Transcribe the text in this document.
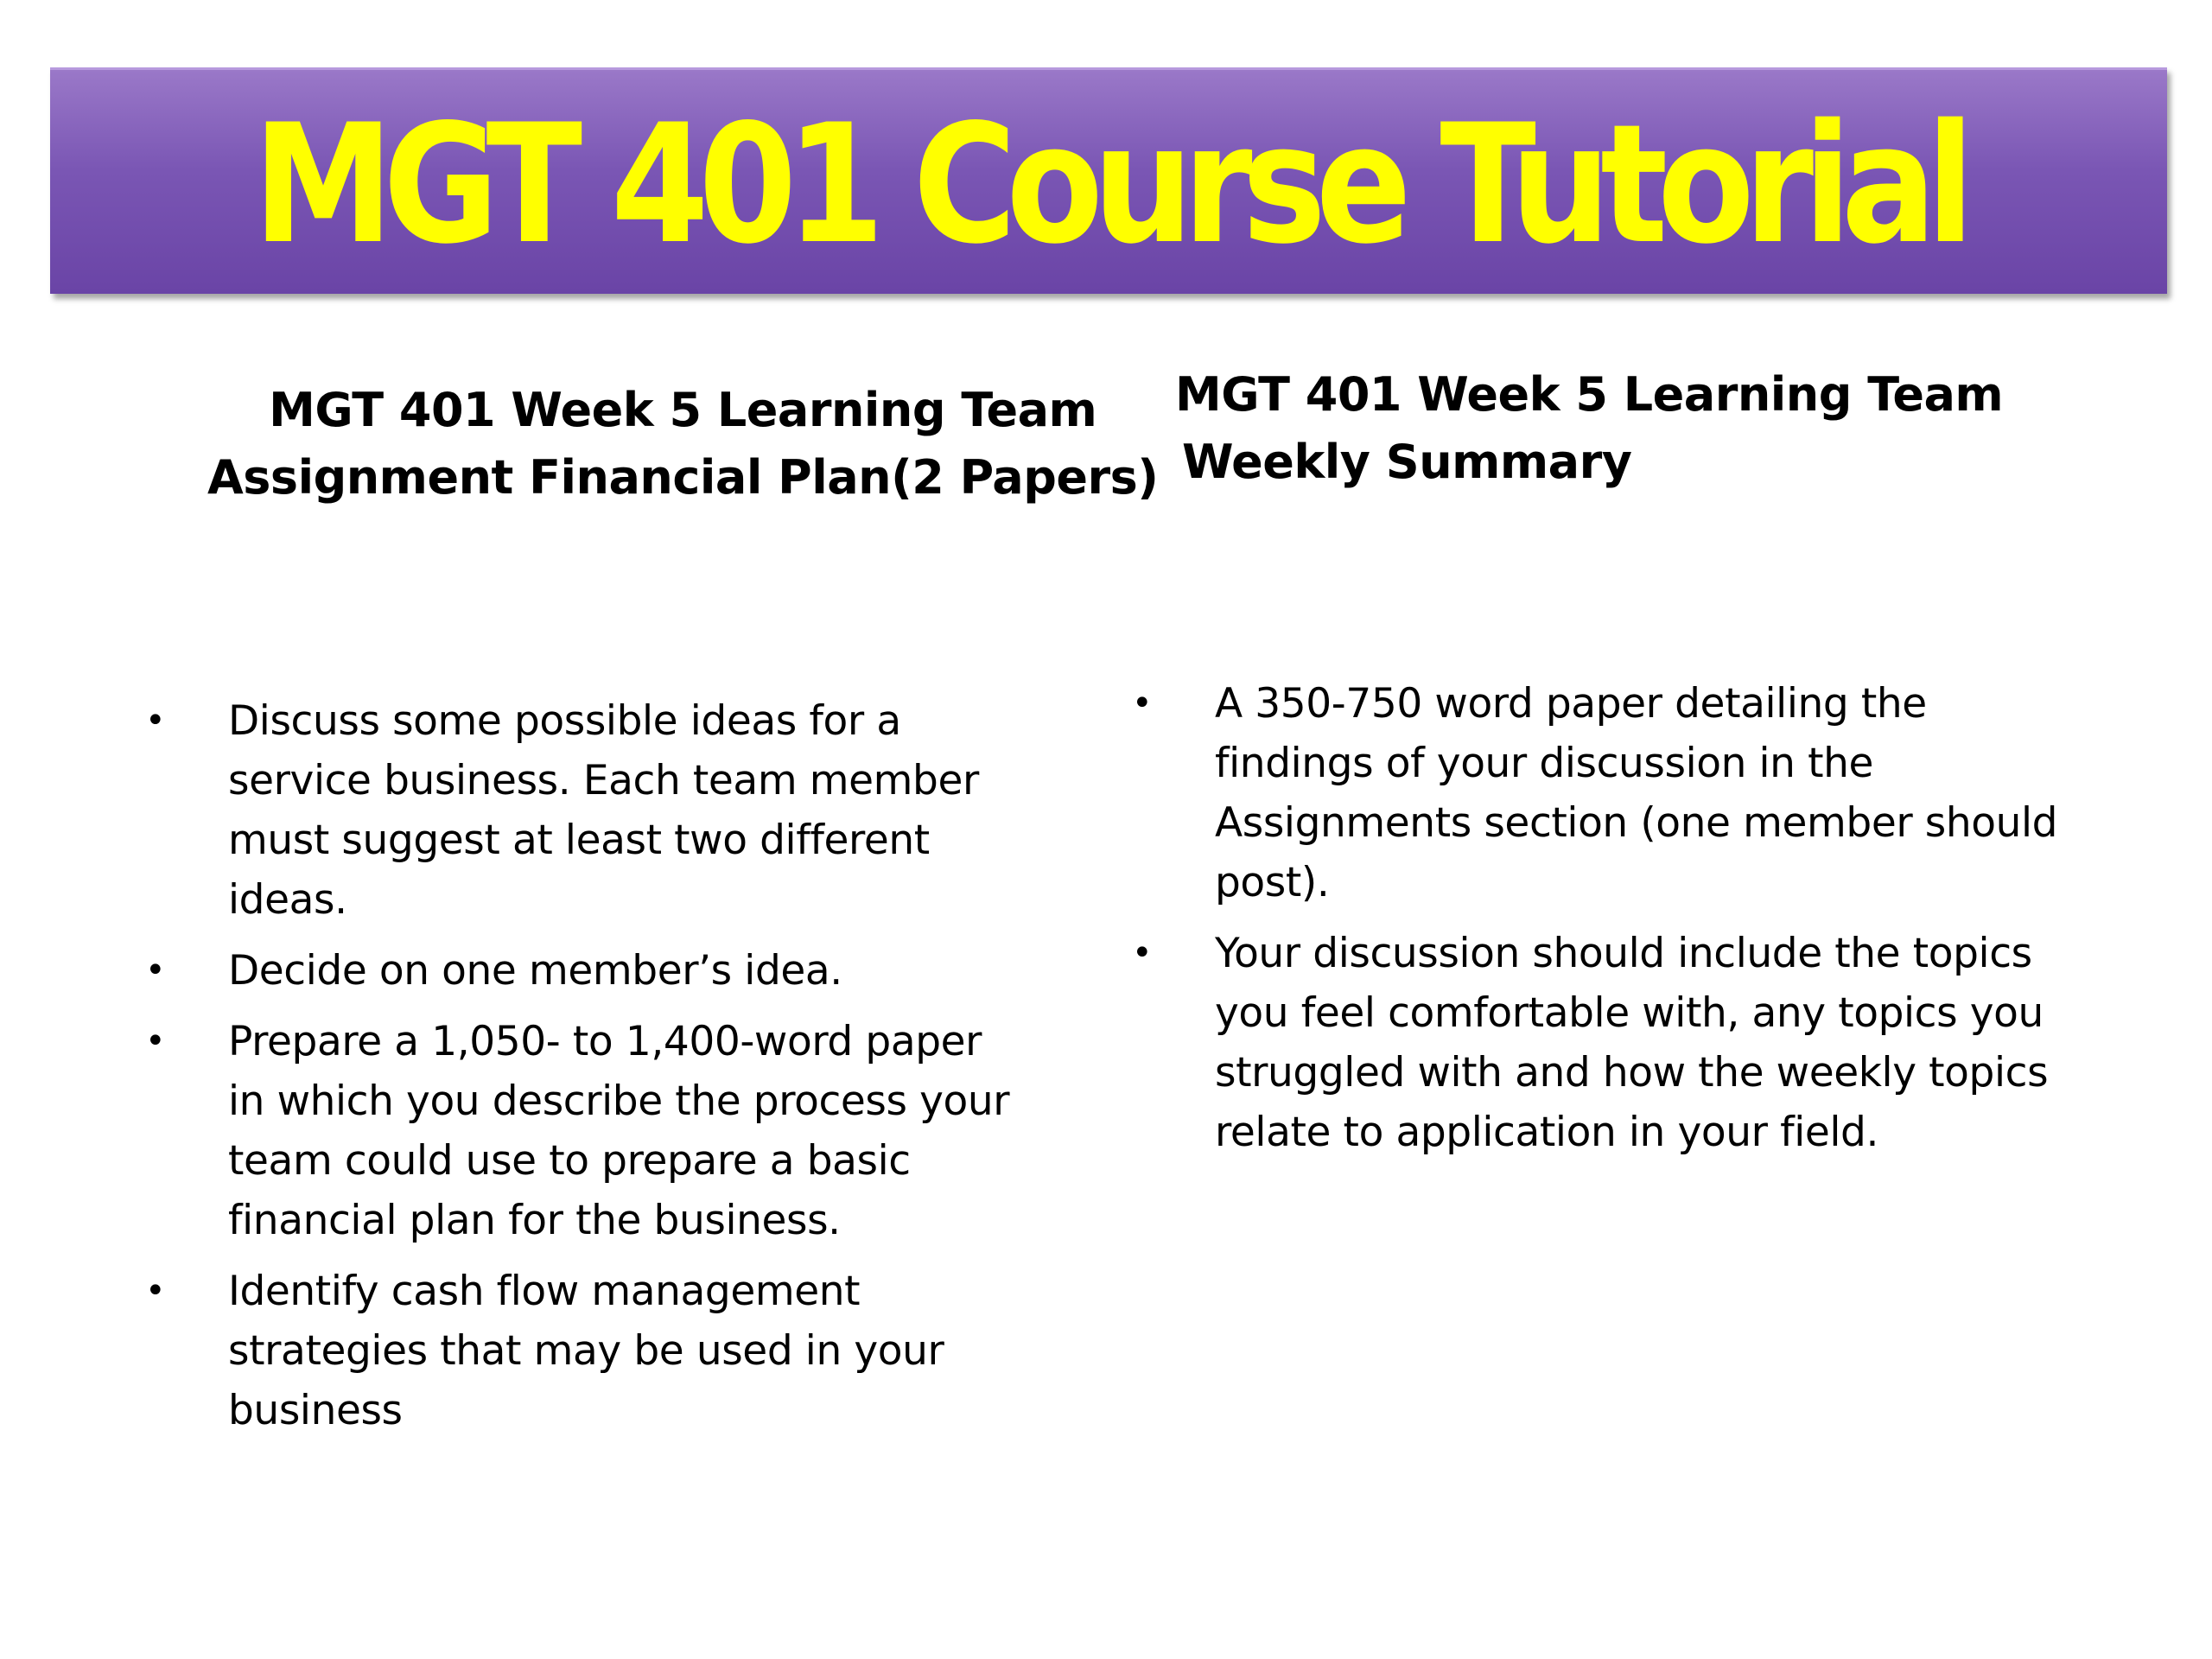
MGT 401 Course Tutorial
MGT 401 Week 5 Learning Team
Assignment Financial Plan(2 Papers)
MGT 401 Week 5 Learning Team
Weekly Summary
• Discuss some possible ideas for a
service business. Each team member
must suggest at least two different
ideas.
• Decide on one member’s idea.
• Prepare a 1,050- to 1,400-word paper
in which you describe the process your
team could use to prepare a basic
financial plan for the business.
• Identify cash flow management
strategies that may be used in your
business
• A 350-750 word paper detailing the
findings of your discussion in the
Assignments section (one member should
post).
• Your discussion should include the topics
you feel comfortable with, any topics you
struggled with and how the weekly topics
relate to application in your field.
